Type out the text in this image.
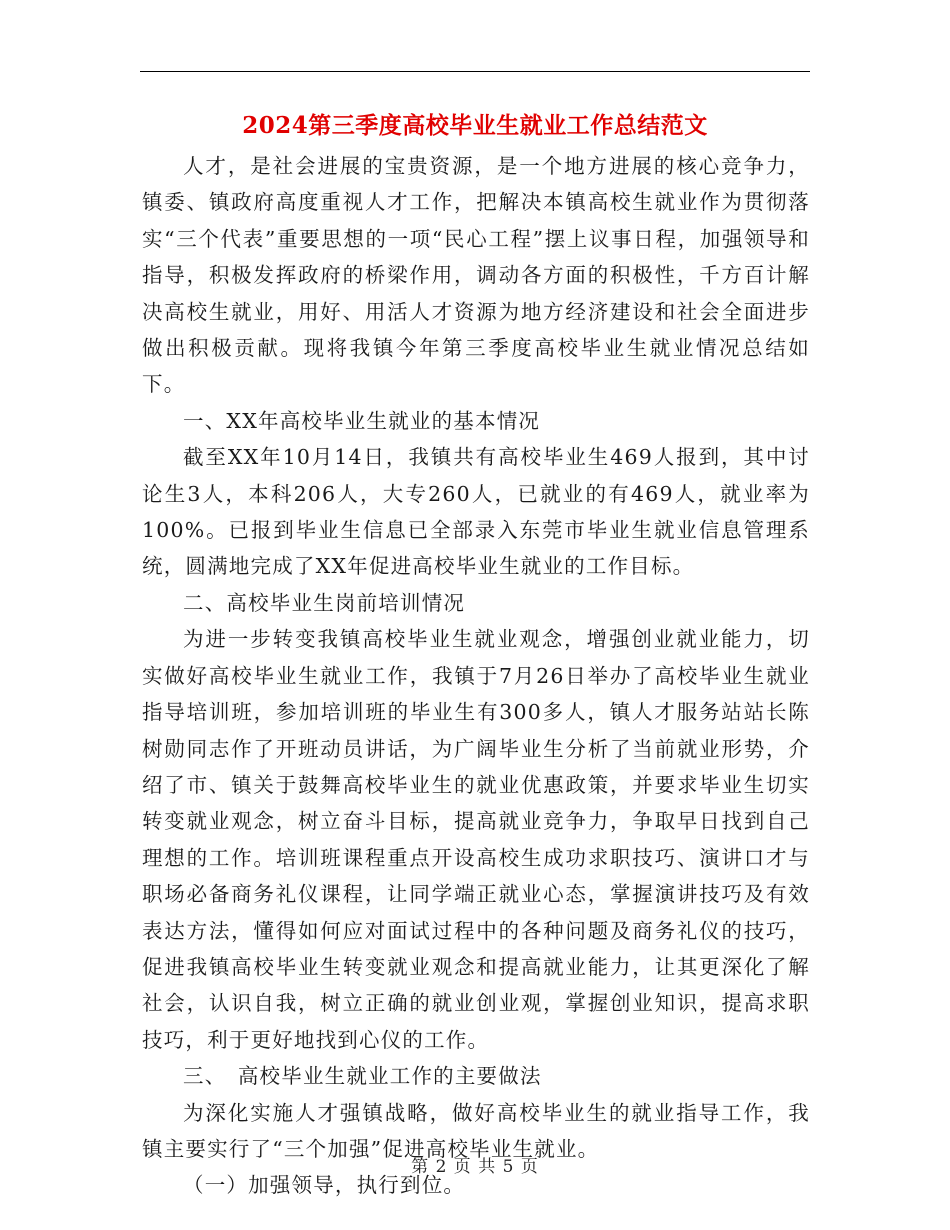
2024第三季度高校毕业生就业工作总结范文

人才，是社会进展的宝贵资源，是一个地方进展的核心竞争力，镇委、镇政府高度重视人才工作，把解决本镇高校生就业作为贯彻落实“三个代表”重要思想的一项“民心工程”摆上议事日程，加强领导和指导，积极发挥政府的桥梁作用，调动各方面的积极性，千方百计解决高校生就业，用好、用活人才资源为地方经济建设和社会全面进步做出积极贡献。现将我镇今年第三季度高校毕业生就业情况总结如下。

一、XX年高校毕业生就业的基本情况

截至XX年10月14日，我镇共有高校毕业生469人报到，其中讨论生3人，本科206人，大专260人，已就业的有469人，就业率为100%。已报到毕业生信息已全部录入东莞市毕业生就业信息管理系统，圆满地完成了XX年促进高校毕业生就业的工作目标。

二、高校毕业生岗前培训情况

为进一步转变我镇高校毕业生就业观念，增强创业就业能力，切实做好高校毕业生就业工作，我镇于7月26日举办了高校毕业生就业指导培训班，参加培训班的毕业生有300多人，镇人才服务站站长陈树勋同志作了开班动员讲话，为广阔毕业生分析了当前就业形势，介绍了市、镇关于鼓舞高校毕业生的就业优惠政策，并要求毕业生切实转变就业观念，树立奋斗目标，提高就业竞争力，争取早日找到自己理想的工作。培训班课程重点开设高校生成功求职技巧、演讲口才与职场必备商务礼仪课程，让同学端正就业心态，掌握演讲技巧及有效表达方法，懂得如何应对面试过程中的各种问题及商务礼仪的技巧，促进我镇高校毕业生转变就业观念和提高就业能力，让其更深化了解社会，认识自我，树立正确的就业创业观，掌握创业知识，提高求职技巧，利于更好地找到心仪的工作。

三、　高校毕业生就业工作的主要做法

为深化实施人才强镇战略，做好高校毕业生的就业指导工作，我镇主要实行了“三个加强”促进高校毕业生就业。

（一）加强领导，执行到位。

第 2 页 共 5 页
